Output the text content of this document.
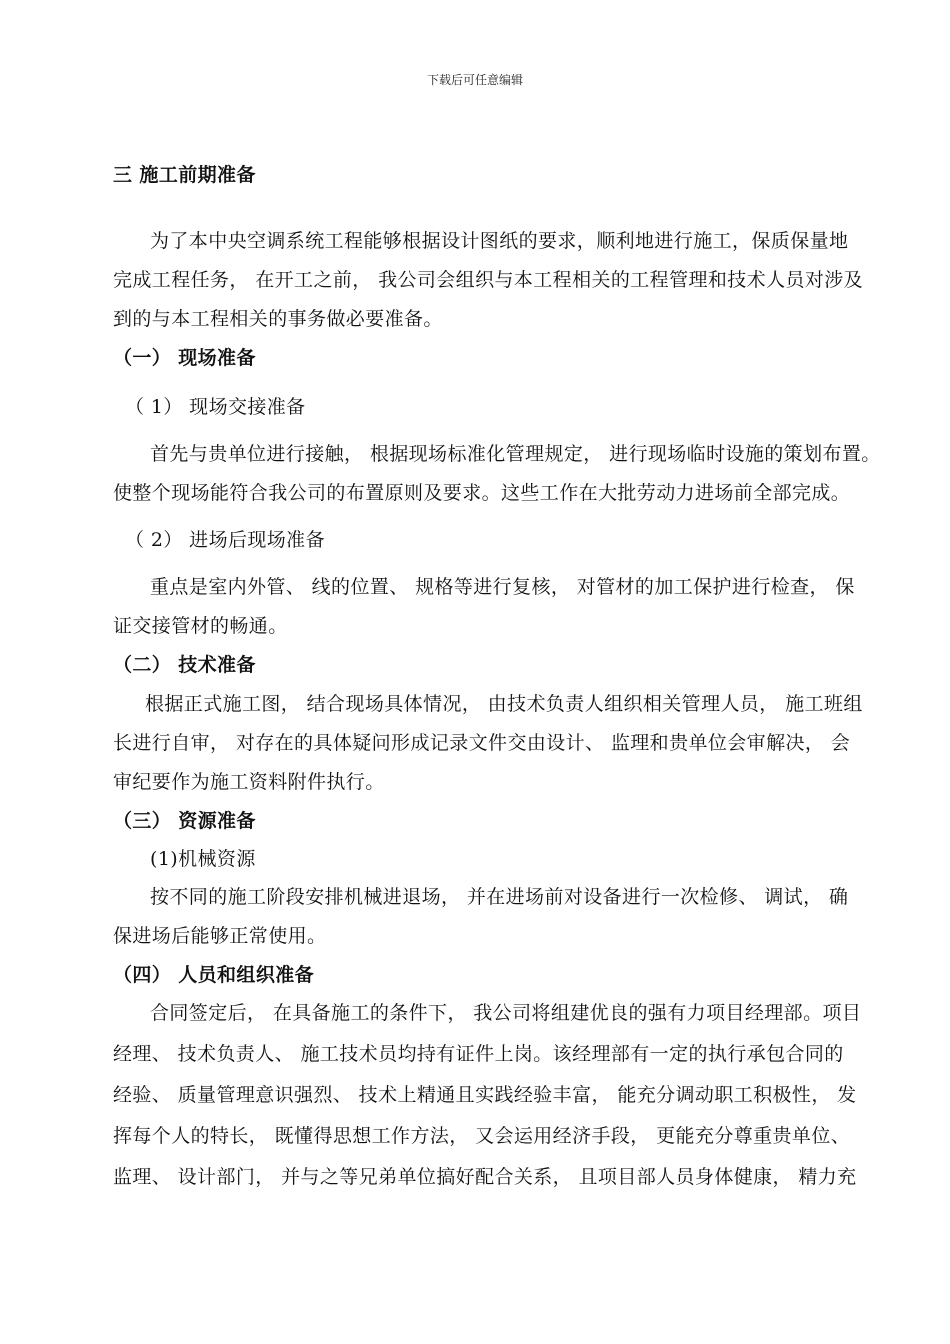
下载后可任意编辑
三 施工前期准备
为了本中央空调系统工程能够根据设计图纸的要求，顺利地进行施工，保质保量地
完成工程任务， 在开工之前， 我公司会组织与本工程相关的工程管理和技术人员对涉及
到的与本工程相关的事务做必要准备。
（一） 现场准备
（ 1） 现场交接准备
首先与贵单位进行接触， 根据现场标准化管理规定， 进行现场临时设施的策划布置。
使整个现场能符合我公司的布置原则及要求。这些工作在大批劳动力进场前全部完成。
（ 2） 进场后现场准备
重点是室内外管、 线的位置、 规格等进行复核， 对管材的加工保护进行检查， 保
证交接管材的畅通。
（二） 技术准备
根据正式施工图， 结合现场具体情况， 由技术负责人组织相关管理人员， 施工班组
长进行自审， 对存在的具体疑问形成记录文件交由设计、 监理和贵单位会审解决， 会
审纪要作为施工资料附件执行。
（三） 资源准备
(1)机械资源
按不同的施工阶段安排机械进退场， 并在进场前对设备进行一次检修、 调试， 确
保进场后能够正常使用。
（四） 人员和组织准备
合同签定后， 在具备施工的条件下， 我公司将组建优良的强有力项目经理部。项目
经理、 技术负责人、 施工技术员均持有证件上岗。该经理部有一定的执行承包合同的
经验、 质量管理意识强烈、 技术上精通且实践经验丰富， 能充分调动职工积极性， 发
挥每个人的特长， 既懂得思想工作方法， 又会运用经济手段， 更能充分尊重贵单位、
监理、 设计部门， 并与之等兄弟单位搞好配合关系， 且项目部人员身体健康， 精力充
